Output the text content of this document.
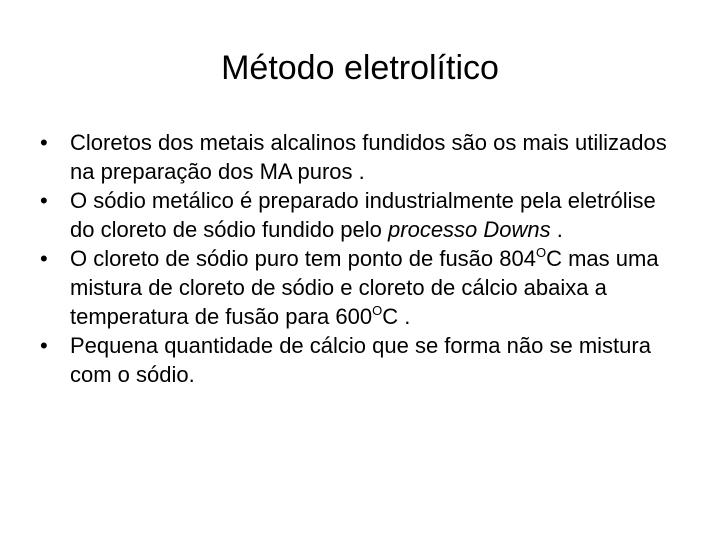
Método eletrolítico
• Cloretos dos metais alcalinos fundidos são os mais utilizados na preparação dos MA puros .
• O sódio metálico é preparado industrialmente pela eletrólise do cloreto de sódio fundido pelo processo Downs .
• O cloreto de sódio puro tem ponto de fusão $804^OC$ mas uma mistura de cloreto de sódio e cloreto de cálcio abaixa a temperatura de fusão para $600^OC$ .
• Pequena quantidade de cálcio que se forma não se mistura com o sódio.
